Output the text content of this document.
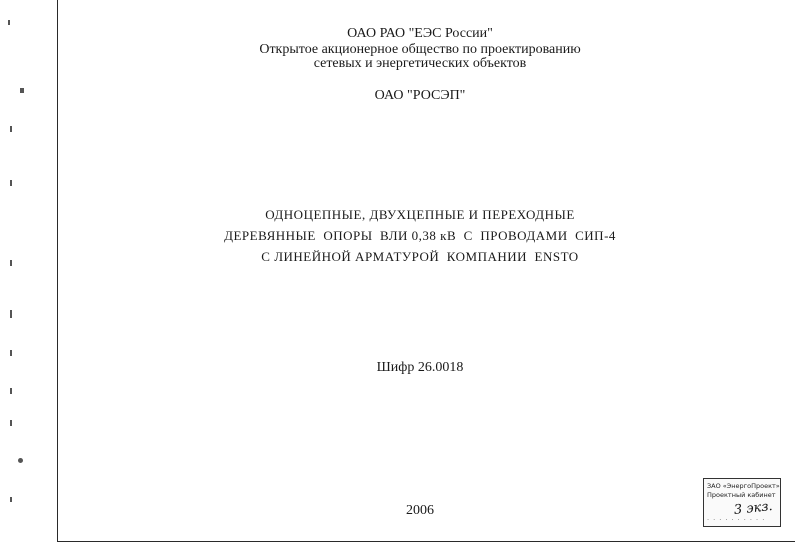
ОАО РАО "ЕЭС России"
Открытое акционерное общество по проектированию
сетевых и энергетических объектов
ОАО "РОСЭП"
ОДНОЦЕПНЫЕ, ДВУХЦЕПНЫЕ И ПЕРЕХОДНЫЕ
ДЕРЕВЯННЫЕ  ОПОРЫ  ВЛИ 0,38 кВ  С  ПРОВОДАМИ  СИП-4
С ЛИНЕЙНОЙ АРМАТУРОЙ  КОМПАНИИ  ENSTO
Шифр 26.0018
2006
ЗАО «ЭнергоПроект»
Проектный кабинет
. . . . . . . . . .
3 экз.
